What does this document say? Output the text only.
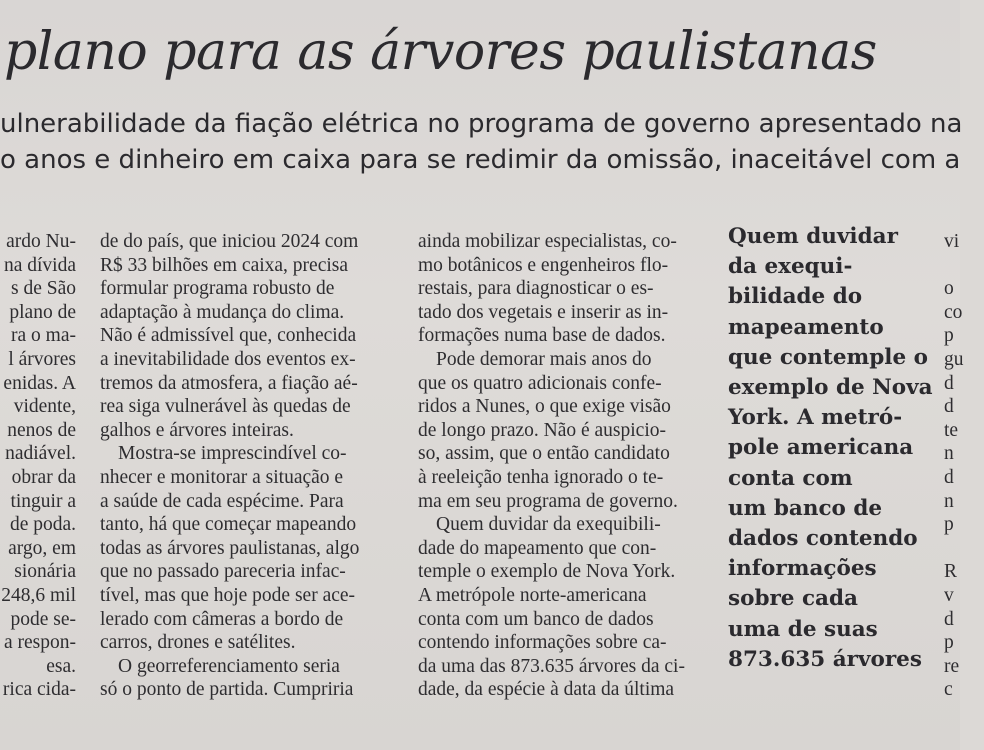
plano para as árvores paulistanas
ulnerabilidade da fiação elétrica no programa de governo apresentado na
o anos e dinheiro em caixa para se redimir da omissão, inaceitável com a
ardo Nu-
na dívida
s de São
plano de
ra o ma-
l árvores
enidas. A
vidente,
nenos de
nadiável.
obrar da
tinguir a
de poda.
argo, em
sionária
248,6 mil
pode se-
a respon-
esa.
rica cida-
de do país, que iniciou 2024 com
R$ 33 bilhões em caixa, precisa
formular programa robusto de
adaptação à mudança do clima.
Não é admissível que, conhecida
a inevitabilidade dos eventos ex-
tremos da atmosfera, a fiação aé-
rea siga vulnerável às quedas de
galhos e árvores inteiras.
Mostra-se imprescindível co-
nhecer e monitorar a situação e
a saúde de cada espécime. Para
tanto, há que começar mapeando
todas as árvores paulistanas, algo
que no passado pareceria infac-
tível, mas que hoje pode ser ace-
lerado com câmeras a bordo de
carros, drones e satélites.
O georreferenciamento seria
só o ponto de partida. Cumpriria
ainda mobilizar especialistas, co-
mo botânicos e engenheiros flo-
restais, para diagnosticar o es-
tado dos vegetais e inserir as in-
formações numa base de dados.
Pode demorar mais anos do
que os quatro adicionais confe-
ridos a Nunes, o que exige visão
de longo prazo. Não é auspicio-
so, assim, que o então candidato
à reeleição tenha ignorado o te-
ma em seu programa de governo.
Quem duvidar da exequibili-
dade do mapeamento que con-
temple o exemplo de Nova York.
A metrópole norte-americana
conta com um banco de dados
contendo informações sobre ca-
da uma das 873.635 árvores da ci-
dade, da espécie à data da última
Quem duvidar
da exequi-
bilidade do
mapeamento
que contemple o
exemplo de Nova
York. A metró-
pole americana
conta com
um banco de
dados contendo
informações
sobre cada
uma de suas
873.635 árvores
vi
o
co
p
gu
d
d
te
n
d
n
p
R
v
d
p
re
c
